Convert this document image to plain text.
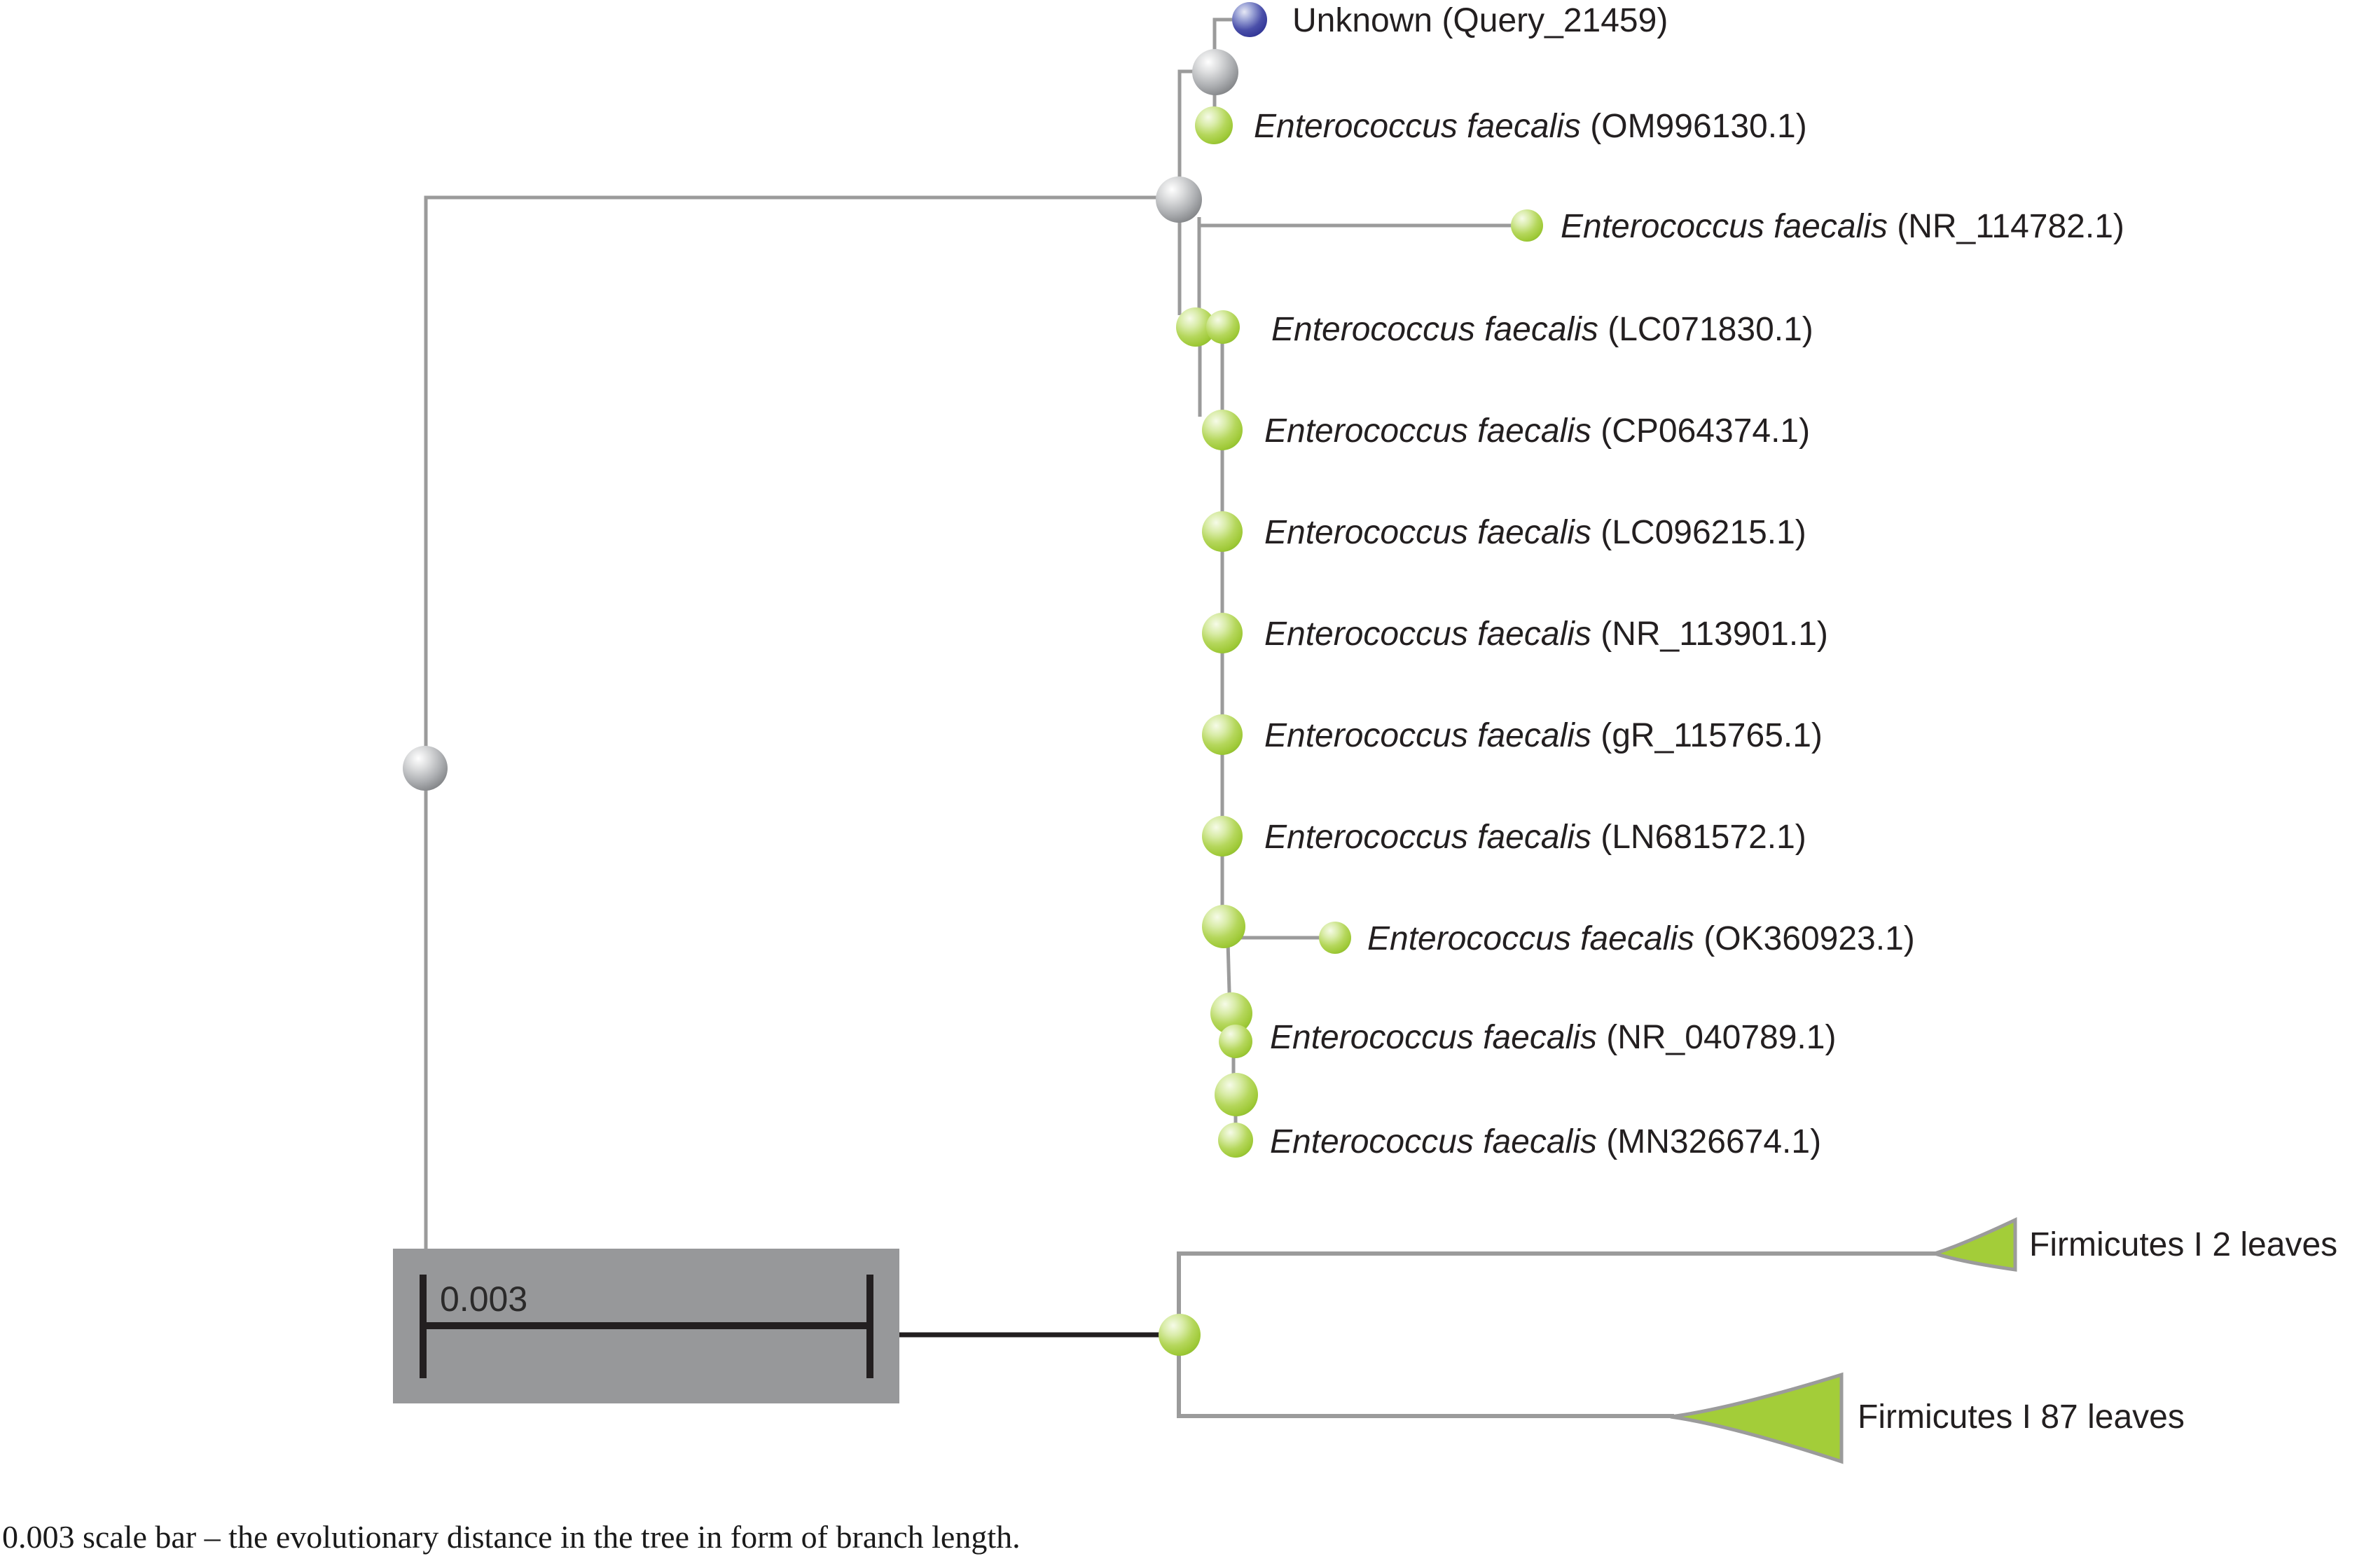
0.003
Unknown (Query_21459)
Enterococcus faecalis (OM996130.1)
Enterococcus faecalis (NR_114782.1)
Enterococcus faecalis (LC071830.1)
Enterococcus faecalis (CP064374.1)
Enterococcus faecalis (LC096215.1)
Enterococcus faecalis (NR_113901.1)
Enterococcus faecalis (gR_115765.1)
Enterococcus faecalis (LN681572.1)
Enterococcus faecalis (OK360923.1)
Enterococcus faecalis (NR_040789.1)
Enterococcus faecalis (MN326674.1)
Firmicutes I 2 leaves
Firmicutes I 87 leaves
0.003 scale bar – the evolutionary distance in the tree in form of branch length.
